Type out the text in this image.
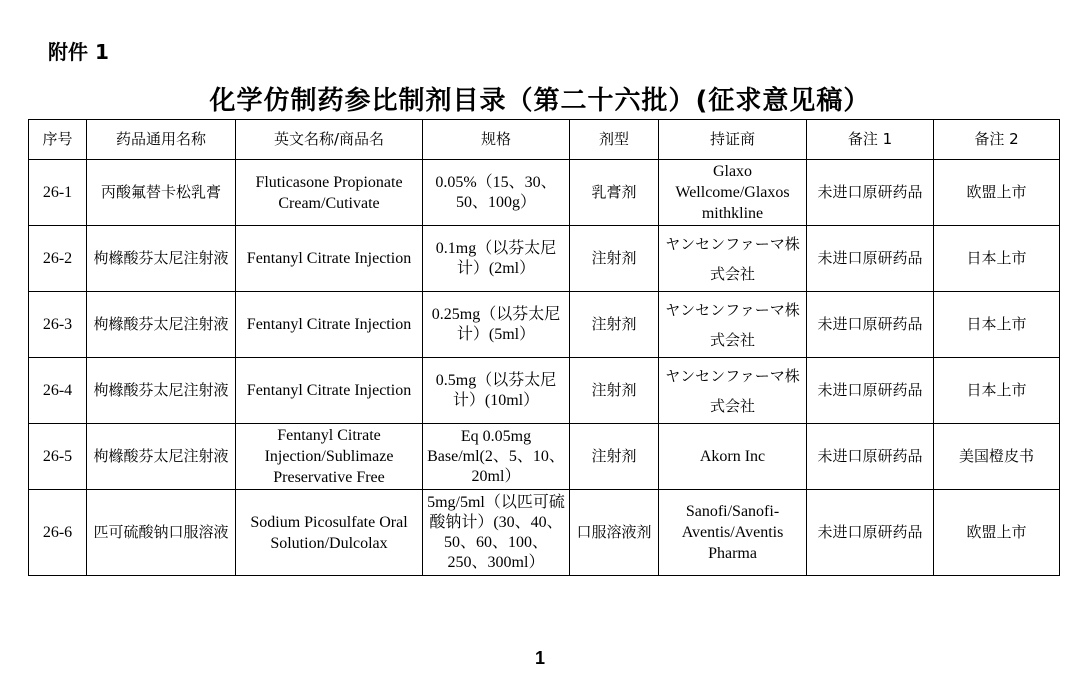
附件 1
化学仿制药参比制剂目录（第二十六批）(征求意见稿）
序号	药品通用名称	英文名称/商品名	规格	剂型	持证商	备注 1	备注 2
26-1	丙酸氟替卡松乳膏	Fluticasone Propionate Cream/Cutivate	0.05%（15、30、50、100g）	乳膏剂	Glaxo Wellcome/Glaxos mithkline	未进口原研药品	欧盟上市
26-2	枸橼酸芬太尼注射液	Fentanyl Citrate Injection	0.1mg（以芬太尼计）(2ml）	注射剂	ヤンセンファーマ株式会社	未进口原研药品	日本上市
26-3	枸橼酸芬太尼注射液	Fentanyl Citrate Injection	0.25mg（以芬太尼计）(5ml）	注射剂	ヤンセンファーマ株式会社	未进口原研药品	日本上市
26-4	枸橼酸芬太尼注射液	Fentanyl Citrate Injection	0.5mg（以芬太尼计）(10ml）	注射剂	ヤンセンファーマ株式会社	未进口原研药品	日本上市
26-5	枸橼酸芬太尼注射液	Fentanyl Citrate Injection/Sublimaze Preservative Free	Eq 0.05mg Base/ml(2、5、10、20ml）	注射剂	Akorn Inc	未进口原研药品	美国橙皮书
26-6	匹可硫酸钠口服溶液	Sodium Picosulfate Oral Solution/Dulcolax	5mg/5ml（以匹可硫酸钠计）(30、40、50、60、100、250、300ml）	口服溶液剂	Sanofi/Sanofi-Aventis/Aventis Pharma	未进口原研药品	欧盟上市
1
